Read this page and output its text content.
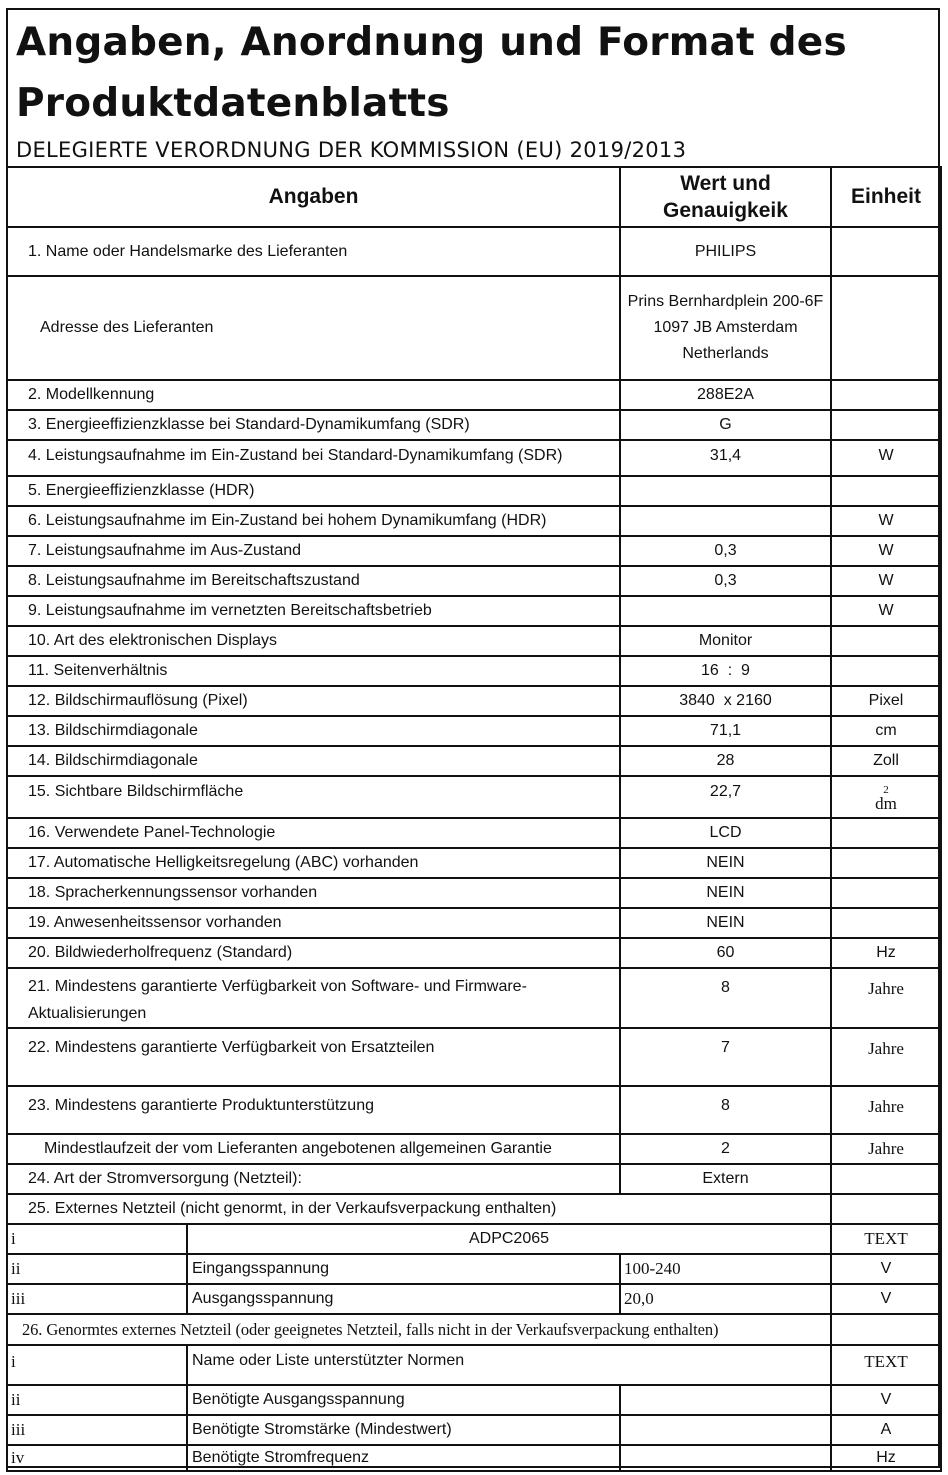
Angaben, Anordnung und Format des Produktdatenblatts
DELEGIERTE VERORDNUNG DER KOMMISSION (EU) 2019/2013
Angaben		Wert und Genauigkeik	Einheit
1. Name oder Handelsmarke des Lieferanten		PHILIPS	
Adresse des Lieferanten		Prins Bernhardplein 200-6F
1097 JB Amsterdam
Netherlands	

2. Modellkennung		288E2A	
3. Energieeffizienzklasse bei Standard-Dynamikumfang (SDR)		G	
4. Leistungsaufnahme im Ein-Zustand bei Standard-Dynamikumfang (SDR)		31,4	W
5. Energieeffizienzklasse (HDR)			
6. Leistungsaufnahme im Ein-Zustand bei hohem Dynamikumfang (HDR)			W
7. Leistungsaufnahme im Aus-Zustand		0,3	W
8. Leistungsaufnahme im Bereitschaftszustand		0,3	W
9. Leistungsaufnahme im vernetzten Bereitschaftsbetrieb			W
10. Art des elektronischen Displays		Monitor	
11. Seitenverhältnis		16  :  9	
12. Bildschirmauflösung (Pixel)		3840  x 2160	Pixel
13. Bildschirmdiagonale		71,1	cm
14. Bildschirmdiagonale		28	Zoll
15. Sichtbare Bildschirmfläche		22,7	2
dm
16. Verwendete Panel-Technologie		LCD	
17. Automatische Helligkeitsregelung (ABC) vorhanden		NEIN	
18. Spracherkennungssensor vorhanden		NEIN	
19. Anwesenheitssensor vorhanden		NEIN	
20. Bildwiederholfrequenz (Standard)		60	Hz

21. Mindestens garantierte Verfügbarkeit von Software- und Firmware-
Aktualisierungen		8	Jahre
22. Mindestens garantierte Verfügbarkeit von Ersatzteilen		7	Jahre
23. Mindestens garantierte Produktunterstützung		8	Jahre
Mindestlaufzeit der vom Lieferanten angebotenen allgemeinen Garantie		2	Jahre
24. Art der Stromversorgung (Netzteil):		Extern	
25. Externes Netzteil (nicht genormt, in der Verkaufsverpackung enthalten)			
i	ADPC2065		TEXT
ii	Eingangsspannung	100-240	V
iii	Ausgangsspannung	20,0	V
26. Genormtes externes Netzteil (oder geeignetes Netzteil, falls nicht in der Verkaufsverpackung enthalten)			
i	Name oder Liste unterstützter Normen		TEXT
ii	Benötigte Ausgangsspannung		V
iii	Benötigte Stromstärke (Mindestwert)		A
iv	Benötigte Stromfrequenz		Hz
